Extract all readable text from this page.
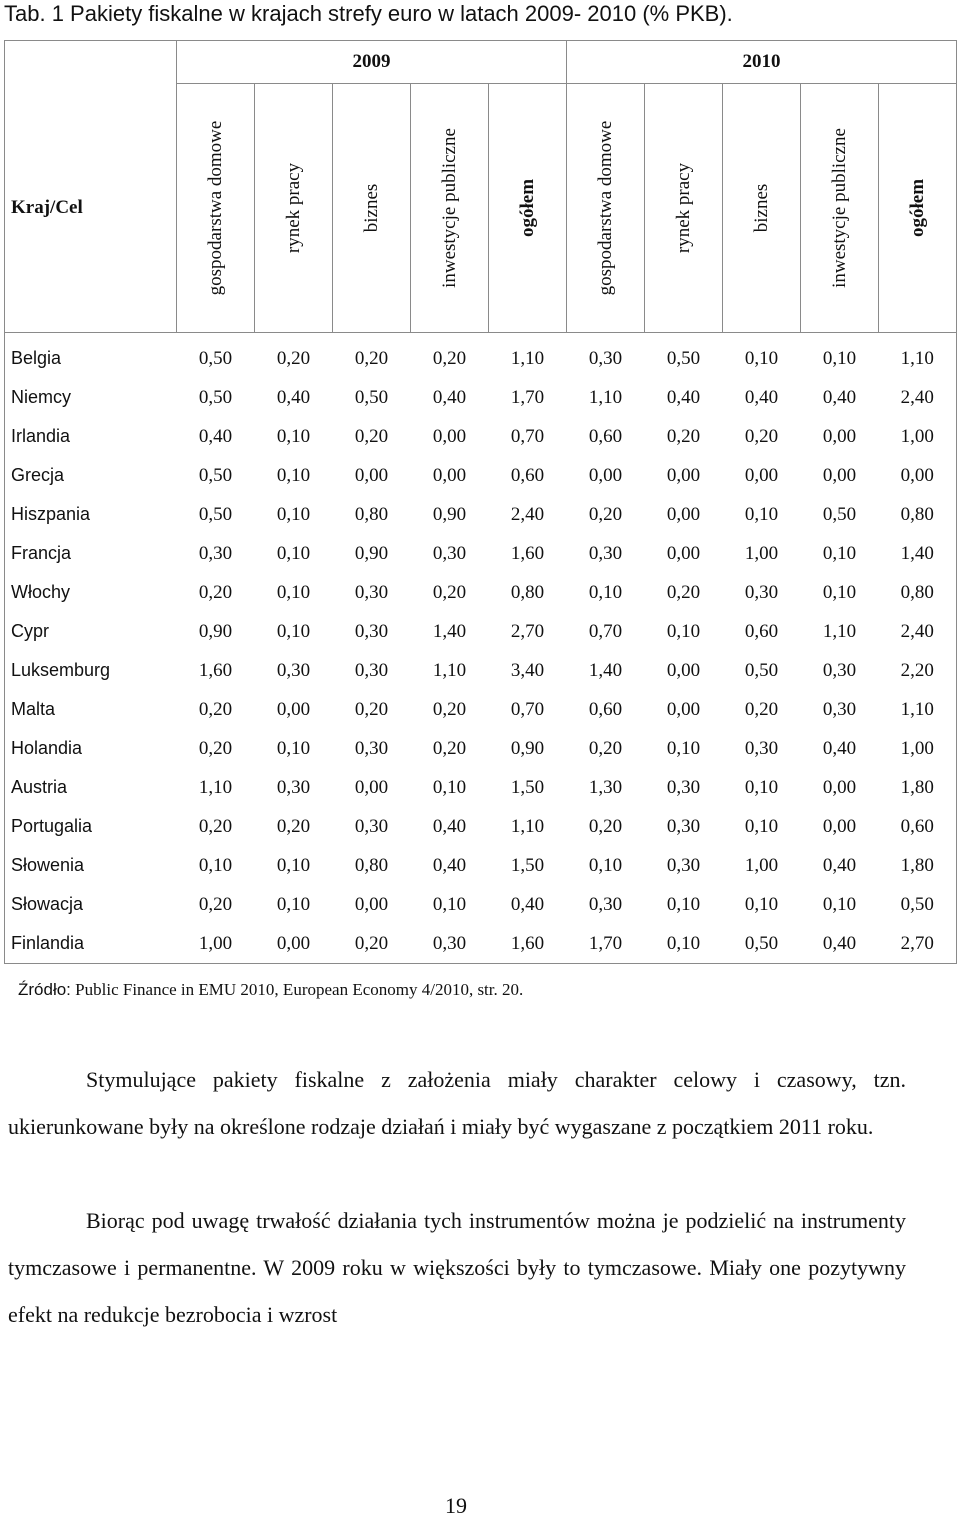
Tab. 1 Pakiety fiskalne w krajach strefy euro w latach 2009- 2010 (% PKB).
	2009					2010				
Kraj/Cel	gospodarstwa domowe	rynek pracy	biznes	inwestycje publiczne	ogółem	gospodarstwa domowe	rynek pracy	biznes	inwestycje publiczne	ogółem

Belgia	0,50	0,20	0,20	0,20	1,10	0,30	0,50	0,10	0,10	1,10
Niemcy	0,50	0,40	0,50	0,40	1,70	1,10	0,40	0,40	0,40	2,40
Irlandia	0,40	0,10	0,20	0,00	0,70	0,60	0,20	0,20	0,00	1,00
Grecja	0,50	0,10	0,00	0,00	0,60	0,00	0,00	0,00	0,00	0,00
Hiszpania	0,50	0,10	0,80	0,90	2,40	0,20	0,00	0,10	0,50	0,80
Francja	0,30	0,10	0,90	0,30	1,60	0,30	0,00	1,00	0,10	1,40
Włochy	0,20	0,10	0,30	0,20	0,80	0,10	0,20	0,30	0,10	0,80
Cypr	0,90	0,10	0,30	1,40	2,70	0,70	0,10	0,60	1,10	2,40
Luksemburg	1,60	0,30	0,30	1,10	3,40	1,40	0,00	0,50	0,30	2,20
Malta	0,20	0,00	0,20	0,20	0,70	0,60	0,00	0,20	0,30	1,10
Holandia	0,20	0,10	0,30	0,20	0,90	0,20	0,10	0,30	0,40	1,00
Austria	1,10	0,30	0,00	0,10	1,50	1,30	0,30	0,10	0,00	1,80
Portugalia	0,20	0,20	0,30	0,40	1,10	0,20	0,30	0,10	0,00	0,60
Słowenia	0,10	0,10	0,80	0,40	1,50	0,10	0,30	1,00	0,40	1,80
Słowacja	0,20	0,10	0,00	0,10	0,40	0,30	0,10	0,10	0,10	0,50
Finlandia	1,00	0,00	0,20	0,30	1,60	1,70	0,10	0,50	0,40	2,70
Źródło: Public Finance in EMU 2010, European Economy 4/2010, str. 20.
Stymulujące pakiety fiskalne z założenia miały charakter celowy i czasowy, tzn. ukierunkowane były na określone rodzaje działań i miały być wygaszane z początkiem 2011 roku.
Biorąc pod uwagę trwałość działania tych instrumentów można je podzielić na instrumenty tymczasowe i permanentne. W 2009 roku w większości były to tymczasowe. Miały one pozytywny efekt na redukcje bezrobocia i wzrost
19
